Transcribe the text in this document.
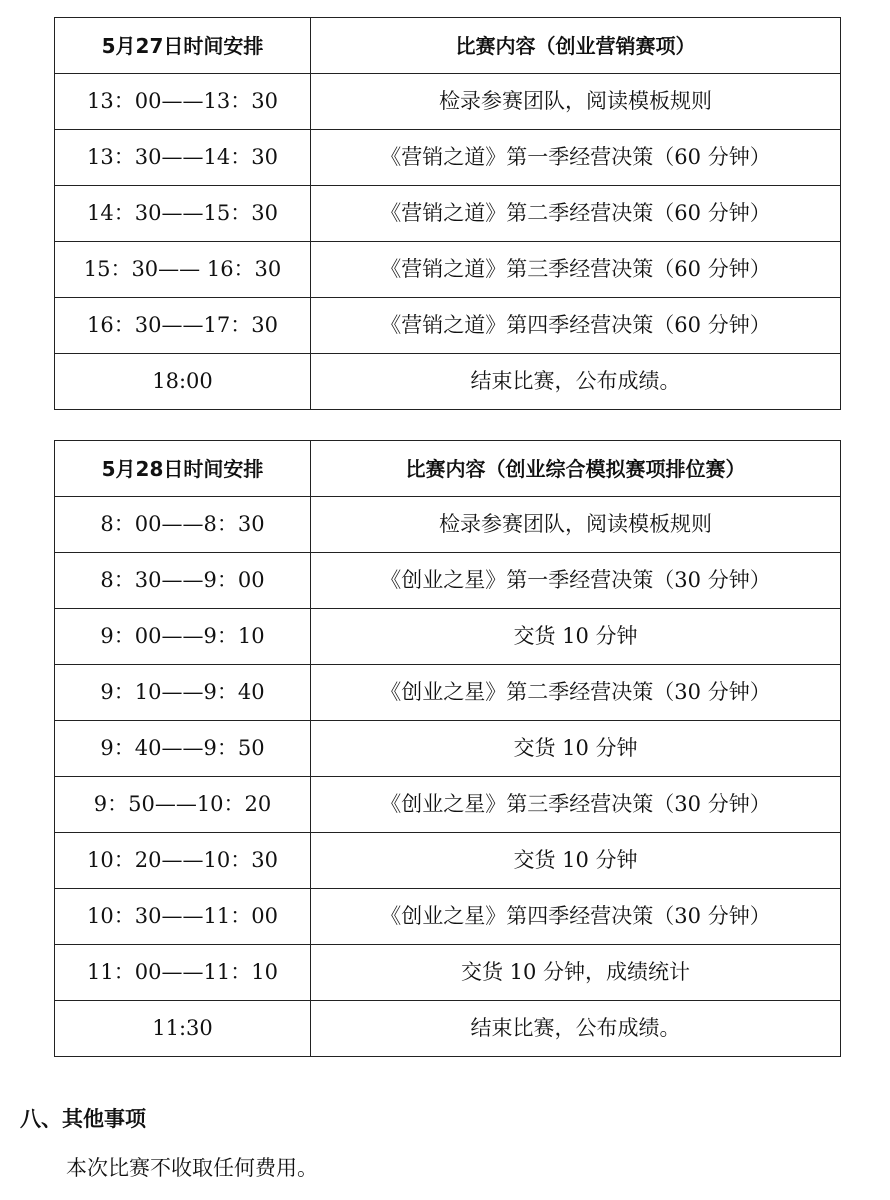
5月27日时间安排	比赛内容（创业营销赛项）
13：00——13：30	检录参赛团队，阅读模板规则
13：30——14：30	《营销之道》第一季经营决策（60 分钟）
14：30——15：30	《营销之道》第二季经营决策（60 分钟）
15：30—— 16：30	《营销之道》第三季经营决策（60 分钟）
16：30——17：30	《营销之道》第四季经营决策（60 分钟）
18:00	结束比赛，公布成绩。
5月28日时间安排	比赛内容（创业综合模拟赛项排位赛）
8：00——8：30	检录参赛团队，阅读模板规则
8：30——9：00	《创业之星》第一季经营决策（30 分钟）
9：00——9：10	交货 10 分钟
9：10——9：40	《创业之星》第二季经营决策（30 分钟）
9：40——9：50	交货 10 分钟
9：50——10：20	《创业之星》第三季经营决策（30 分钟）
10：20——10：30	交货 10 分钟
10：30——11：00	《创业之星》第四季经营决策（30 分钟）
11：00——11：10	交货 10 分钟，成绩统计
11:30	结束比赛，公布成绩。

八、其他事项

本次比赛不收取任何费用。
